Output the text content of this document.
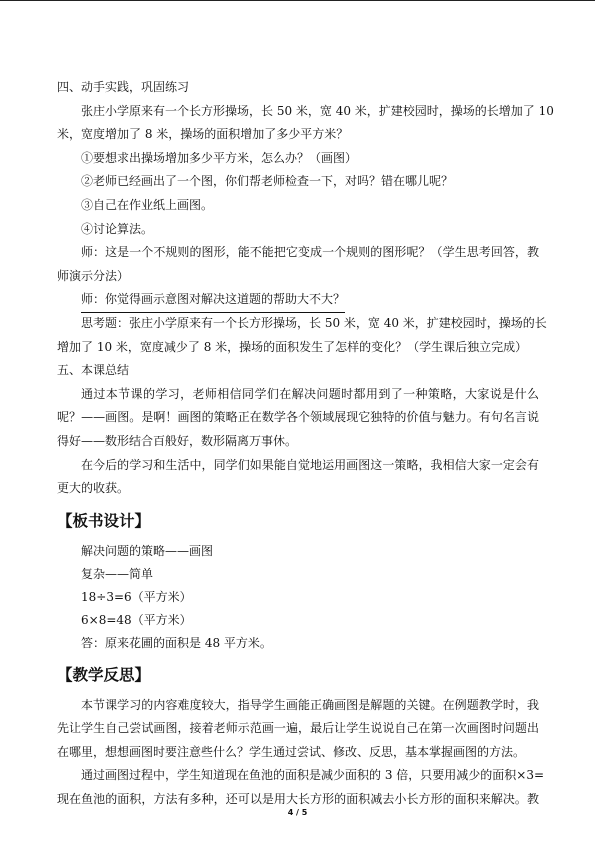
四、动手实践，巩固练习

张庄小学原来有一个长方形操场，长 50 米，宽 40 米，扩建校园时，操场的长增加了 10

米，宽度增加了 8 米，操场的面积增加了多少平方米？

①要想求出操场增加多少平方米，怎么办？（画图）

②老师已经画出了一个图，你们帮老师检查一下，对吗？错在哪儿呢？

③自己在作业纸上画图。

④讨论算法。

师：这是一个不规则的图形，能不能把它变成一个规则的图形呢？（学生思考回答，教

师演示分法）

师：你觉得画示意图对解决这道题的帮助大不大？

思考题：张庄小学原来有一个长方形操场，长 50 米，宽 40 米，扩建校园时，操场的长

增加了 10 米，宽度减少了 8 米，操场的面积发生了怎样的变化？（学生课后独立完成）

五、本课总结

通过本节课的学习，老师相信同学们在解决问题时都用到了一种策略，大家说是什么

呢？——画图。是啊！画图的策略正在数学各个领域展现它独特的价值与魅力。有句名言说

得好——数形结合百般好，数形隔离万事休。

在今后的学习和生活中，同学们如果能自觉地运用画图这一策略，我相信大家一定会有

更大的收获。

【板书设计】

解决问题的策略——画图

复杂——简单

18÷3=6（平方米）

6×8=48（平方米）

答：原来花圃的面积是 48 平方米。

【教学反思】

本节课学习的内容难度较大，指导学生画能正确画图是解题的关键。在例题教学时，我

先让学生自己尝试画图，接着老师示范画一遍，最后让学生说说自己在第一次画图时问题出

在哪里，想想画图时要注意些什么？学生通过尝试、修改、反思，基本掌握画图的方法。

通过画图过程中，学生知道现在鱼池的面积是减少面积的 3 倍，只要用减少的面积×3=

现在鱼池的面积，方法有多种，还可以是用大长方形的面积减去小长方形的面积来解决。教

4 / 5
